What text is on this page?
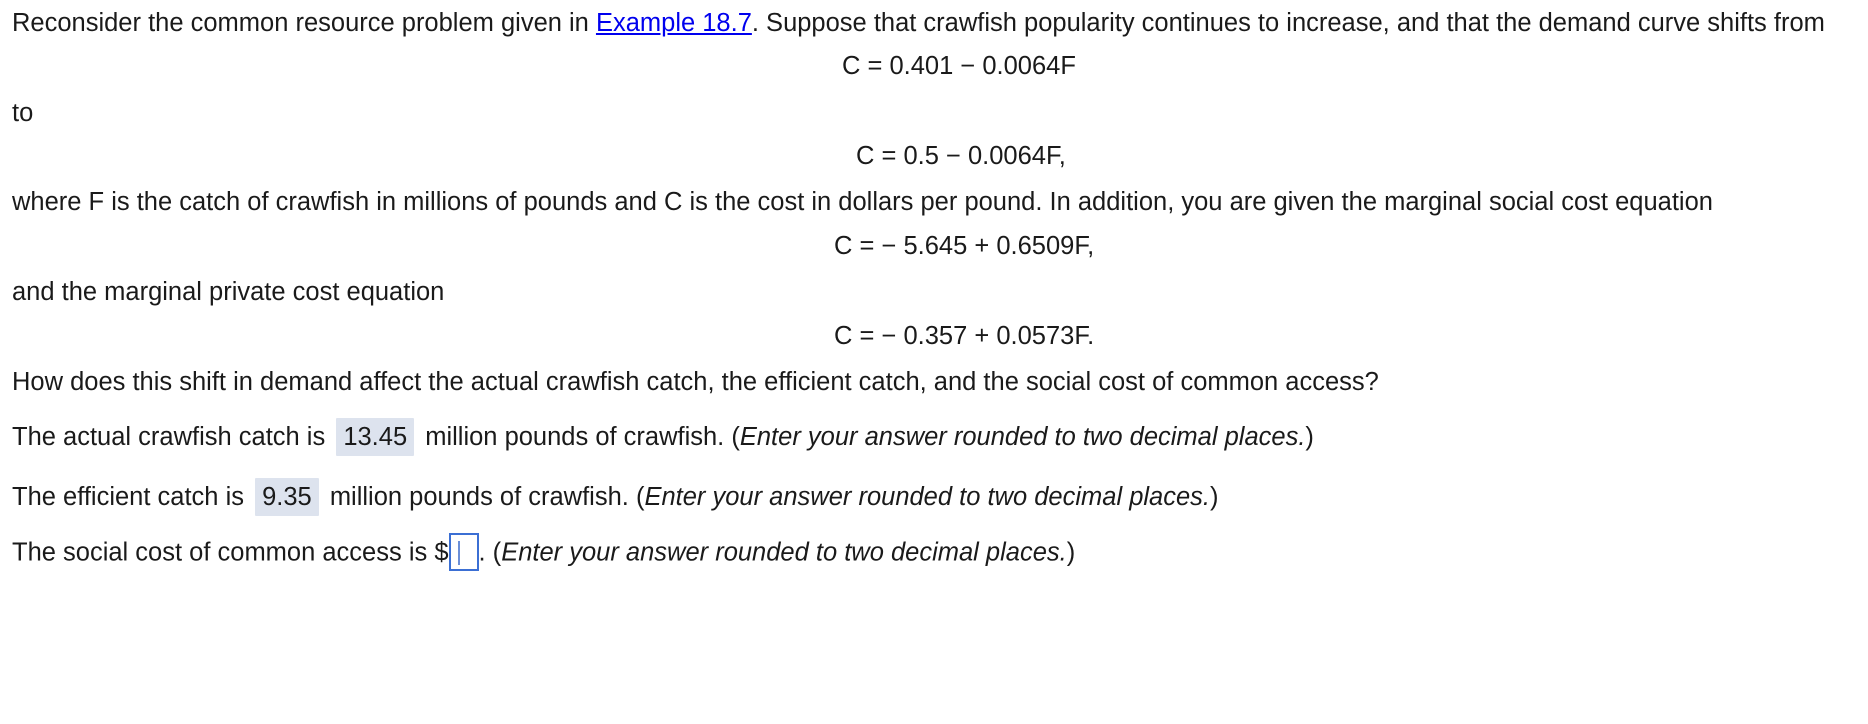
Reconsider the common resource problem given in Example 18.7. Suppose that crawfish popularity continues to increase, and that the demand curve shifts from
C = 0.401 − 0.0064F
to
C = 0.5 − 0.0064F,
where F is the catch of crawfish in millions of pounds and C is the cost in dollars per pound. In addition, you are given the marginal social cost equation
C = − 5.645 + 0.6509F,
and the marginal private cost equation
C = − 0.357 + 0.0573F.
How does this shift in demand affect the actual crawfish catch, the efficient catch, and the social cost of common access?
The actual crawfish catch is 13.45 million pounds of crawfish. (Enter your answer rounded to two decimal places.)
The efficient catch is 9.35 million pounds of crawfish. (Enter your answer rounded to two decimal places.)
The social cost of common access is $ . (Enter your answer rounded to two decimal places.)
